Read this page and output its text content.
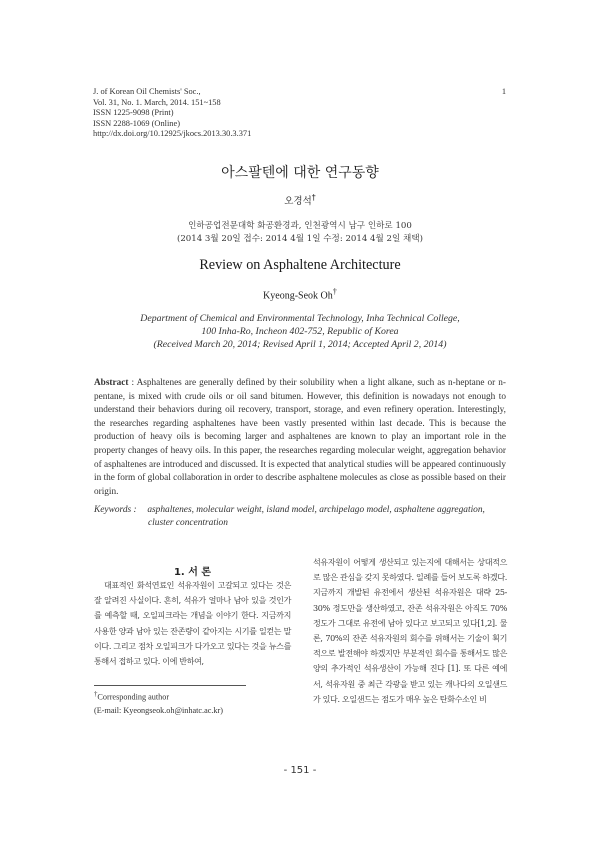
J. of Korean Oil Chemists' Soc.,
Vol. 31, No. 1. March, 2014. 151~158
ISSN 1225-9098 (Print)
ISSN 2288-1069 (Online)
http://dx.doi.org/10.12925/jkocs.2013.30.3.371
1
아스팔텐에 대한 연구동향
오경석†
인하공업전문대학 화공환경과, 인천광역시 남구 인하로 100
(2014 3월 20일 접수: 2014 4월 1일 수정: 2014 4월 2일 채택)
Review on Asphaltene Architecture
Kyeong-Seok Oh†
Department of Chemical and Environmental Technology, Inha Technical College,
100 Inha-Ro, Incheon 402-752, Republic of Korea
(Received March 20, 2014; Revised April 1, 2014; Accepted April 2, 2014)
Abstract : Asphaltenes are generally defined by their solubility when a light alkane, such as n-heptane or n-pentane, is mixed with crude oils or oil sand bitumen. However, this definition is nowadays not enough to understand their behaviors during oil recovery, transport, storage, and even refinery operation. Interestingly, the researches regarding asphaltenes have been vastly presented within last decade. This is because the production of heavy oils is becoming larger and asphaltenes are known to play an important role in the property changes of heavy oils. In this paper, the researches regarding molecular weight, aggregation behavior of asphaltenes are introduced and discussed. It is expected that analytical studies will be appeared continuously in the form of global collaboration in order to describe asphaltene molecules as close as possible based on their origin.
Keywords : asphaltenes, molecular weight, island model, archipelago model, asphaltene aggregation,
cluster concentration
1. 서 론

대표적인 화석연료인 석유자원이 고갈되고 있다는 것은 잘 알려진 사실이다. 흔히, 석유가 얼마나 남아 있을 것인가를 예측할 때, 오일피크라는 개념을 이야기 한다. 지금까지 사용한 양과 남아 있는 잔존량이 같아지는 시기를 일컫는 말이다. 그리고 점차 오일피크가 다가오고 있다는 것을 뉴스를 통해서 접하고 있다. 이에 반하여,

석유자원이 어떻게 생산되고 있는지에 대해서는 상대적으로 많은 관심을 갖지 못하였다. 일례를 들어 보도록 하겠다. 지금까지 개발된 유전에서 생산된 석유자원은 대략 25-30% 정도만을 생산하였고, 잔존 석유자원은 아직도 70% 정도가 그대로 유전에 남아 있다고 보고되고 있다[1,2]. 물론, 70%의 잔존 석유자원의 회수를 위해서는 기술이 획기적으로 발전해야 하겠지만 부분적인 회수를 통해서도 많은 양의 추가적인 석유생산이 가능해 진다 [1]. 또 다른 예에서, 석유자원 중 최근 각광을 받고 있는 캐나다의 오일샌드가 있다. 오일샌드는 점도가 매우 높은 탄화수소인 비

†Corresponding author
(E-mail: Kyeongseok.oh@inhatc.ac.kr)
- 151 -
